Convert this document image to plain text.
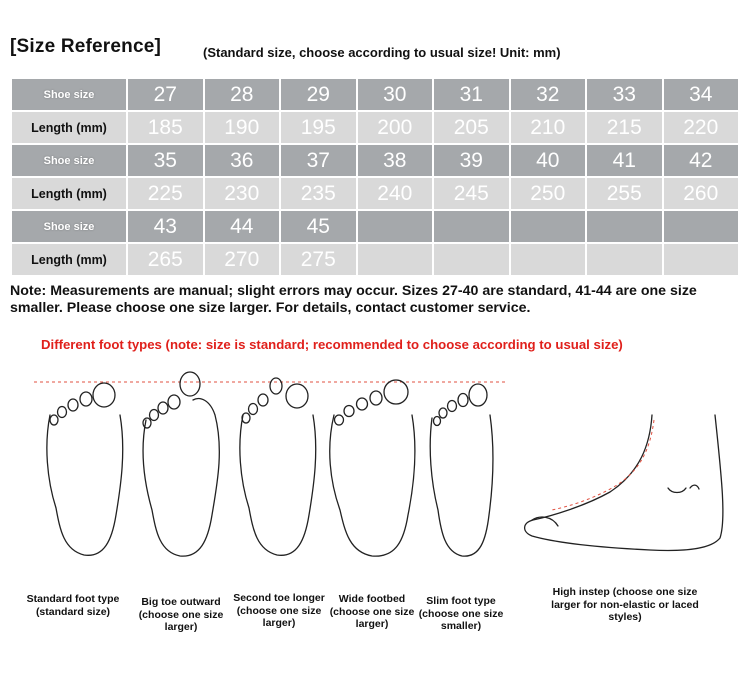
[Size Reference]	(Standard size, choose according to usual size! Unit: mm)
Shoe size	27	28	29	30	31	32	33	34
Length (mm)	185	190	195	200	205	210	215	220
Shoe size	35	36	37	38	39	40	41	42
Length (mm)	225	230	235	240	245	250	255	260
Shoe size	43	44	45					
Length (mm)	265	270	275					
Note: Measurements are manual; slight errors may occur. Sizes 27-40 are standard, 41-44 are one size smaller. Please choose one size larger. For details, contact customer service.
Different foot types (note: size is standard; recommended to choose according to usual size)
Standard foot type (standard size)
Big toe outward (choose one size larger)
Second toe longer (choose one size larger)
Wide footbed (choose one size larger)
Slim foot type (choose one size smaller)
High instep (choose one size larger for non-elastic or laced styles)
